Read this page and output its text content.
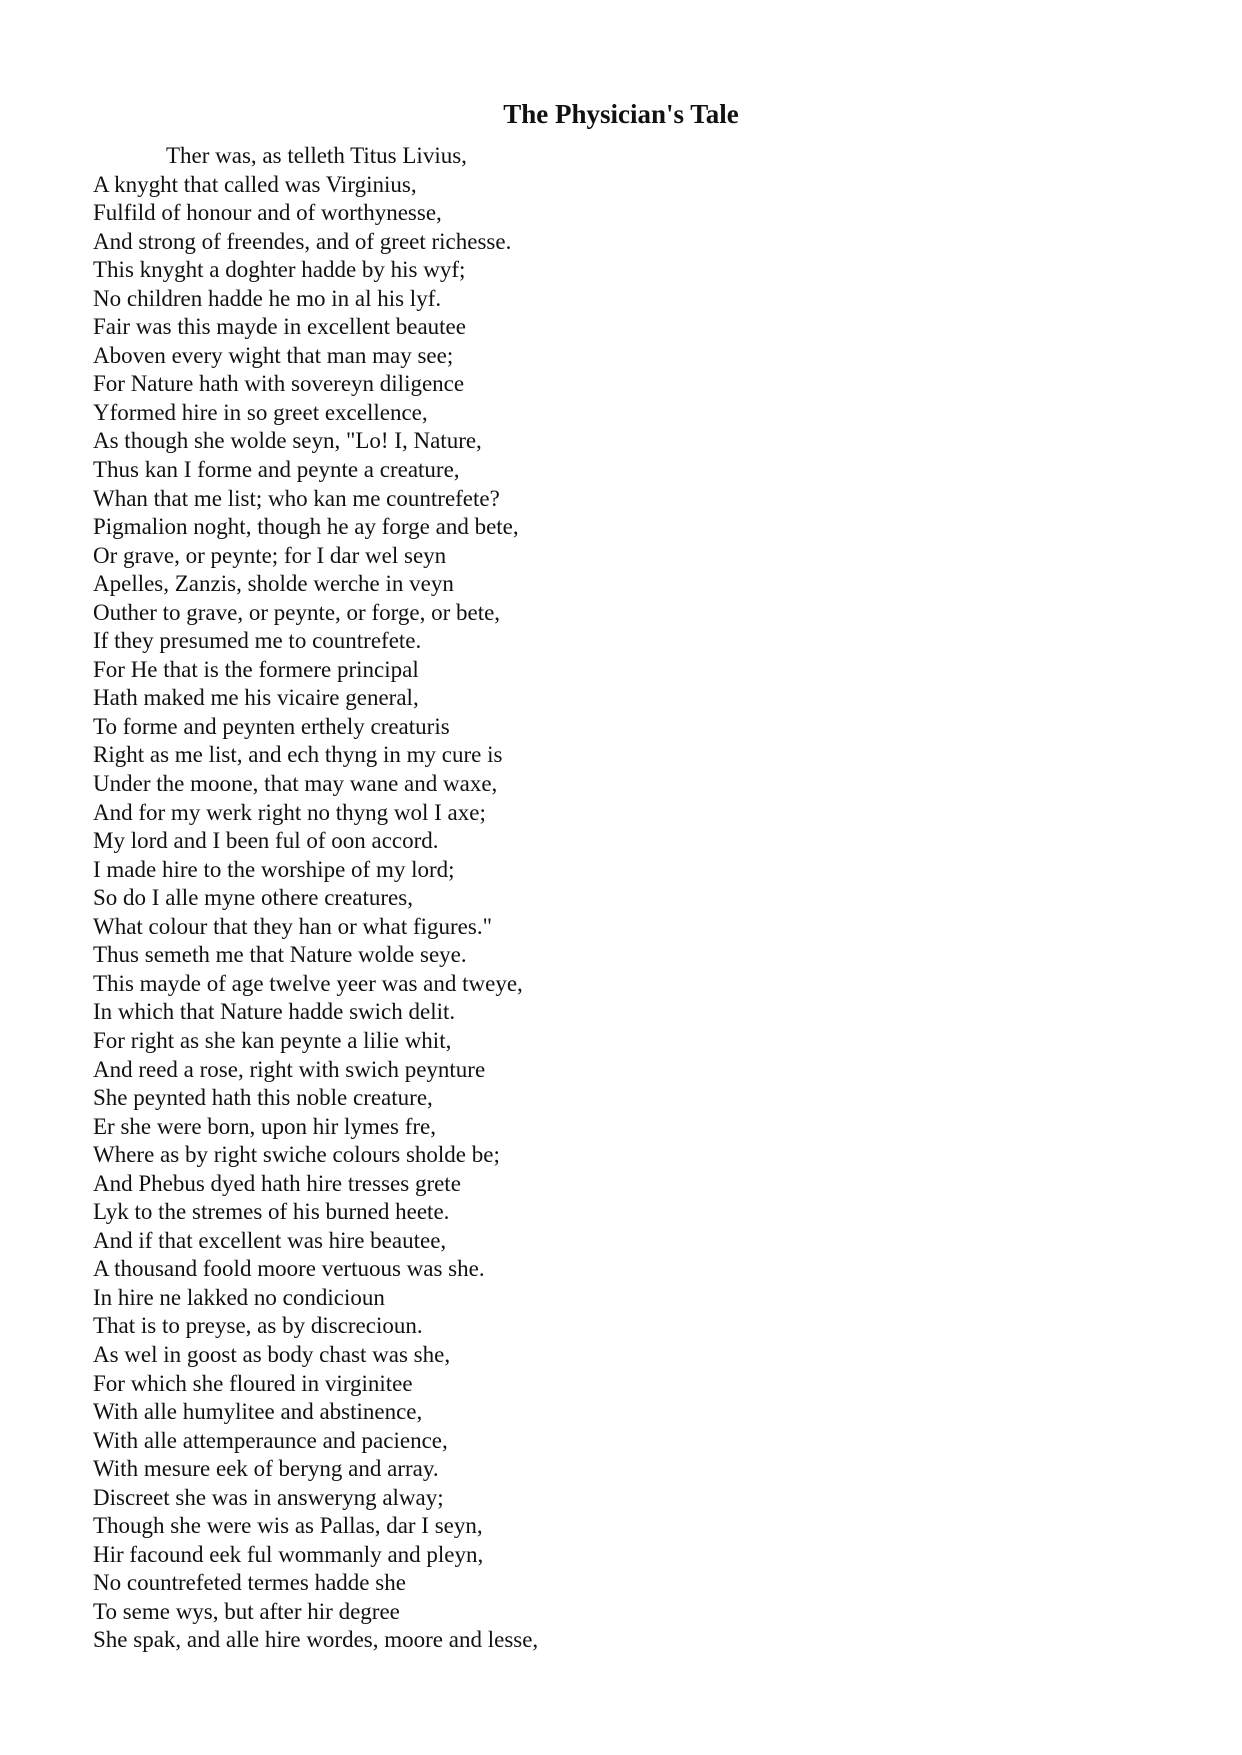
The Physician's Tale
Ther was, as telleth Titus Livius,
A knyght that called was Virginius,
Fulfild of honour and of worthynesse,
And strong of freendes, and of greet richesse.
This knyght a doghter hadde by his wyf;
No children hadde he mo in al his lyf.
Fair was this mayde in excellent beautee
Aboven every wight that man may see;
For Nature hath with sovereyn diligence
Yformed hire in so greet excellence,
As though she wolde seyn, "Lo! I, Nature,
Thus kan I forme and peynte a creature,
Whan that me list; who kan me countrefete?
Pigmalion noght, though he ay forge and bete,
Or grave, or peynte; for I dar wel seyn
Apelles, Zanzis, sholde werche in veyn
Outher to grave, or peynte, or forge, or bete,
If they presumed me to countrefete.
For He that is the formere principal
Hath maked me his vicaire general,
To forme and peynten erthely creaturis
Right as me list, and ech thyng in my cure is
Under the moone, that may wane and waxe,
And for my werk right no thyng wol I axe;
My lord and I been ful of oon accord.
I made hire to the worshipe of my lord;
So do I alle myne othere creatures,
What colour that they han or what figures."
Thus semeth me that Nature wolde seye.
This mayde of age twelve yeer was and tweye,
In which that Nature hadde swich delit.
For right as she kan peynte a lilie whit,
And reed a rose, right with swich peynture
She peynted hath this noble creature,
Er she were born, upon hir lymes fre,
Where as by right swiche colours sholde be;
And Phebus dyed hath hire tresses grete
Lyk to the stremes of his burned heete.
And if that excellent was hire beautee,
A thousand foold moore vertuous was she.
In hire ne lakked no condicioun
That is to preyse, as by discrecioun.
As wel in goost as body chast was she,
For which she floured in virginitee
With alle humylitee and abstinence,
With alle attemperaunce and pacience,
With mesure eek of beryng and array.
Discreet she was in answeryng alway;
Though she were wis as Pallas, dar I seyn,
Hir facound eek ful wommanly and pleyn,
No countrefeted termes hadde she
To seme wys, but after hir degree
She spak, and alle hire wordes, moore and lesse,
